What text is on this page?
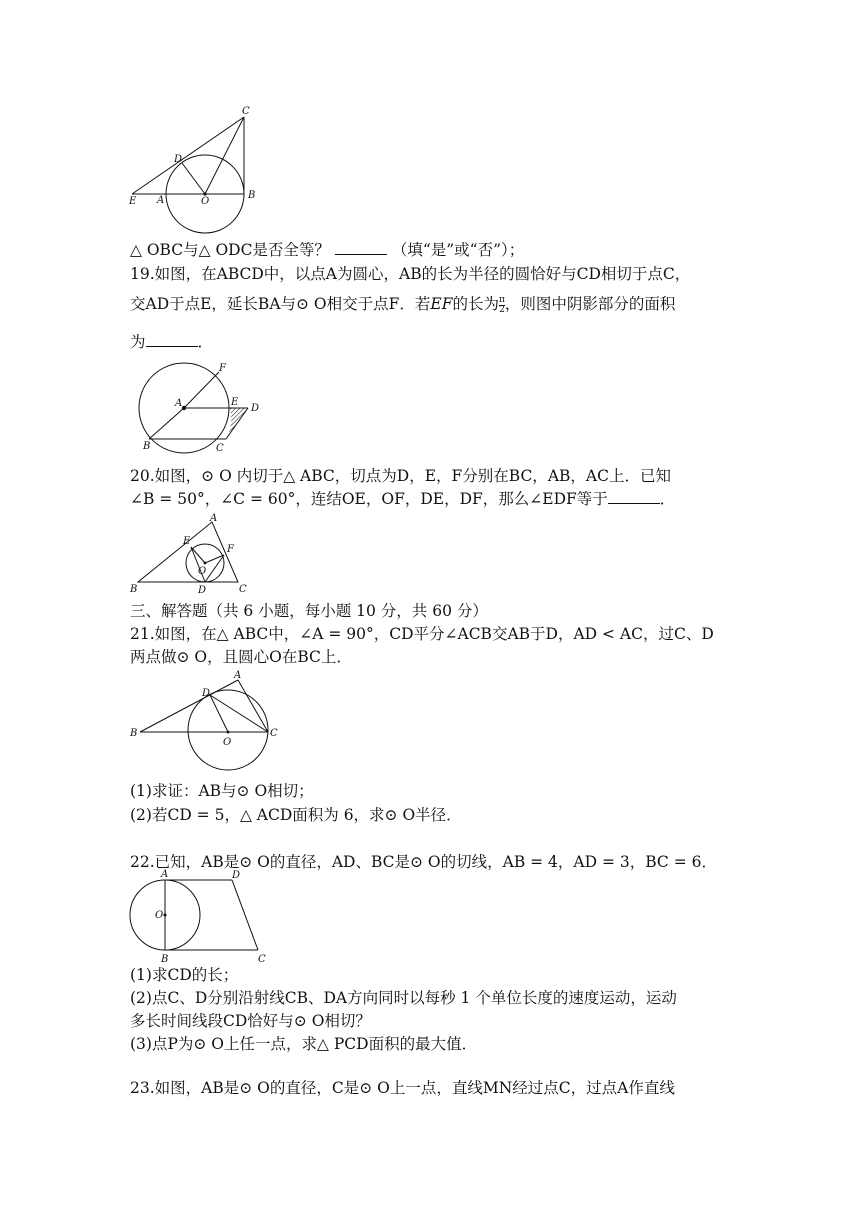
C
D
E A	O
B
△ OBC与△ ODC是否全等？	（填“是”或“否”）；
19.如图，在ABCD中，以点A为圆心，AB的长为半径的圆恰好与CD相切于点C，
交AD于点E，延长BA与⊙ O相交于点F．若EF的长为 $\frac{\pi}{2}$ ，则图中阴影部分的面积
为	．
F
A	E
D
B	C
20.如图，⊙ O 内切于△ ABC，切点为D，E，F分别在BC，AB，AC上．已知
∠B = 50°，∠C = 60°，连结OE，OF，DE，DF，那么∠EDF等于	．
A
E
F
O
B	D	C
三、解答题（共 6 小题，每小题 10 分，共 60 分）
21.如图，在△ ABC中，∠A = 90°，CD平分∠ACB交AB于D，AD < AC，过C、D
两点做⊙ O，且圆心O在BC上．
A
D
B
O
C
(1)求证：AB与⊙ O相切；
(2)若CD = 5，△ ACD面积为 6，求⊙ O半径．
22.已知，AB是⊙ O的直径，AD、BC是⊙ O的切线，AB = 4，AD = 3，BC = 6．
A	D
O
B	C
(1)求CD的长；
(2)点C、D分别沿射线CB、DA方向同时以每秒 1 个单位长度的速度运动，运动
多长时间线段CD恰好与⊙ O相切？
(3)点P为⊙ O上任一点，求△ PCD面积的最大值．
23.如图，AB是⊙ O的直径，C是⊙ O上一点，直线MN经过点C，过点A作直线
